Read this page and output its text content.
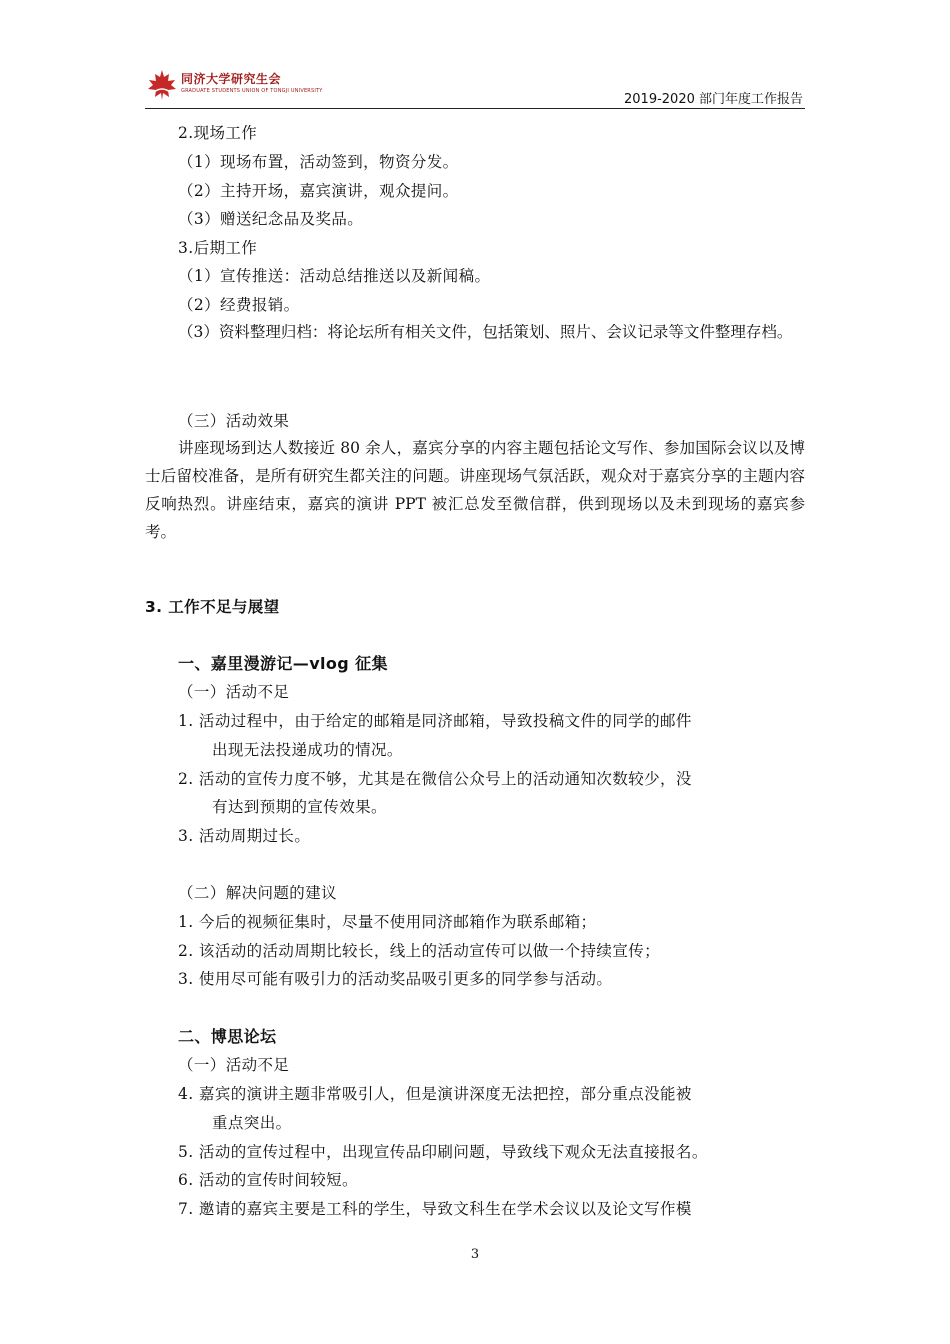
同济大学研究生会
GRADUATE STUDENTS UNION OF TONGJI UNIVERSITY
2019-2020 部门年度工作报告
2.现场工作
（1）现场布置，活动签到，物资分发。
（2）主持开场，嘉宾演讲，观众提问。
（3）赠送纪念品及奖品。
3.后期工作
（1）宣传推送：活动总结推送以及新闻稿。
（2）经费报销。
（3）资料整理归档：将论坛所有相关文件，包括策划、照片、会议记录等文件整理存档。
（三）活动效果
讲座现场到达人数接近 80 余人，嘉宾分享的内容主题包括论文写作、参加国际会议以及博士后留校准备，是所有研究生都关注的问题。讲座现场气氛活跃，观众对于嘉宾分享的主题内容反响热烈。讲座结束，嘉宾的演讲 PPT 被汇总发至微信群，供到现场以及未到现场的嘉宾参考。
3. 工作不足与展望
一、嘉里漫游记—vlog 征集
（一）活动不足
1. 活动过程中，由于给定的邮箱是同济邮箱，导致投稿文件的同学的邮件
出现无法投递成功的情况。
2. 活动的宣传力度不够，尤其是在微信公众号上的活动通知次数较少，没
有达到预期的宣传效果。
3. 活动周期过长。
（二）解决问题的建议
1. 今后的视频征集时，尽量不使用同济邮箱作为联系邮箱；
2. 该活动的活动周期比较长，线上的活动宣传可以做一个持续宣传；
3. 使用尽可能有吸引力的活动奖品吸引更多的同学参与活动。
二、博思论坛
（一）活动不足
4. 嘉宾的演讲主题非常吸引人，但是演讲深度无法把控，部分重点没能被
重点突出。
5. 活动的宣传过程中，出现宣传品印刷问题，导致线下观众无法直接报名。
6. 活动的宣传时间较短。
7. 邀请的嘉宾主要是工科的学生，导致文科生在学术会议以及论文写作模
3
